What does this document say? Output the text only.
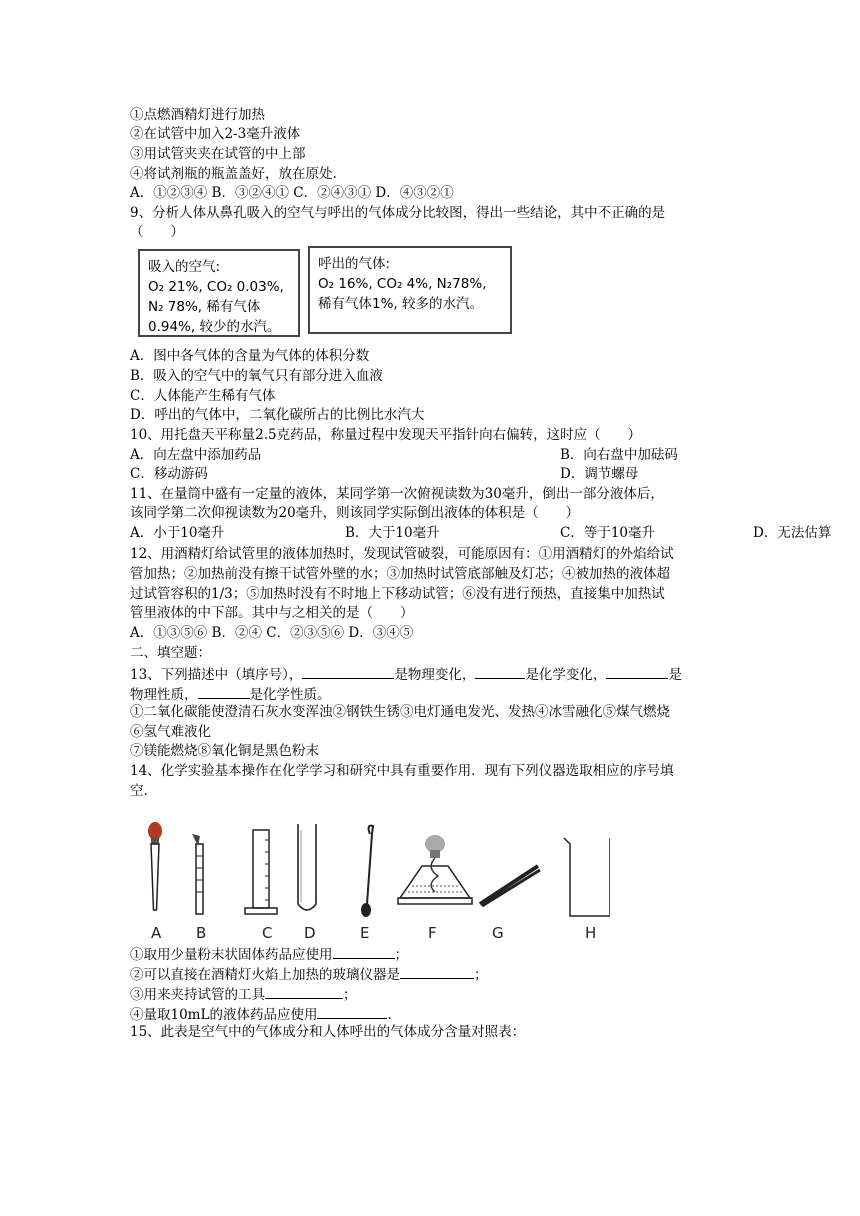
①点燃酒精灯进行加热
②在试管中加入2-3毫升液体
③用试管夹夹在试管的中上部
④将试剂瓶的瓶盖盖好，放在原处.
A．①②③④ B．③②④① C．②④③① D．④③②①
9、分析人体从鼻孔吸入的空气与呼出的气体成分比较图，得出一些结论，其中不正确的是
（　　）
吸入的空气:
O₂ 21%, CO₂ 0.03%,
N₂ 78%, 稀有气体
0.94%, 较少的水汽。
呼出的气体:
O₂ 16%, CO₂ 4%, N₂78%,
稀有气体1%, 较多的水汽。
A．图中各气体的含量为气体的体积分数
B．吸入的空气中的氧气只有部分进入血液
C．人体能产生稀有气体
D．呼出的气体中，二氧化碳所占的比例比水汽大
10、用托盘天平称量2.5克药品，称量过程中发现天平指针向右偏转，这时应（　　）
A．向左盘中添加药品	B．向右盘中加砝码
C．移动游码	D．调节螺母
11、在量筒中盛有一定量的液体，某同学第一次俯视读数为30毫升，倒出一部分液体后，
该同学第二次仰视读数为20毫升，则该同学实际倒出液体的体积是（　　）
A．小于10毫升	B．大于10毫升	C．等于10毫升	D．无法估算
12、用酒精灯给试管里的液体加热时，发现试管破裂，可能原因有：①用酒精灯的外焰给试
管加热；②加热前没有擦干试管外壁的水；③加热时试管底部触及灯芯；④被加热的液体超
过试管容积的1/3；⑤加热时没有不时地上下移动试管；⑥没有进行预热，直接集中加热试
管里液体的中下部。其中与之相关的是（　　）
A．①③⑤⑥ B．②④ C．②③⑤⑥ D．③④⑤
二、填空题：
13、下列描述中（填序号），	是物理变化，	是化学变化，	是
物理性质，	是化学性质。
①二氧化碳能使澄清石灰水变浑浊②钢铁生锈③电灯通电发光、发热④冰雪融化⑤煤气燃烧
⑥氢气难液化
⑦镁能燃烧⑧氧化铜是黑色粉末
14、化学实验基本操作在化学学习和研究中具有重要作用．现有下列仪器选取相应的序号填
空.
A B	C D	E	F	G	H
①取用少量粉末状固体药品应使用	；
②可以直接在酒精灯火焰上加热的玻璃仪器是	；
③用来夹持试管的工具	；
④量取10mL的液体药品应使用	.
15、此表是空气中的气体成分和人体呼出的气体成分含量对照表：
